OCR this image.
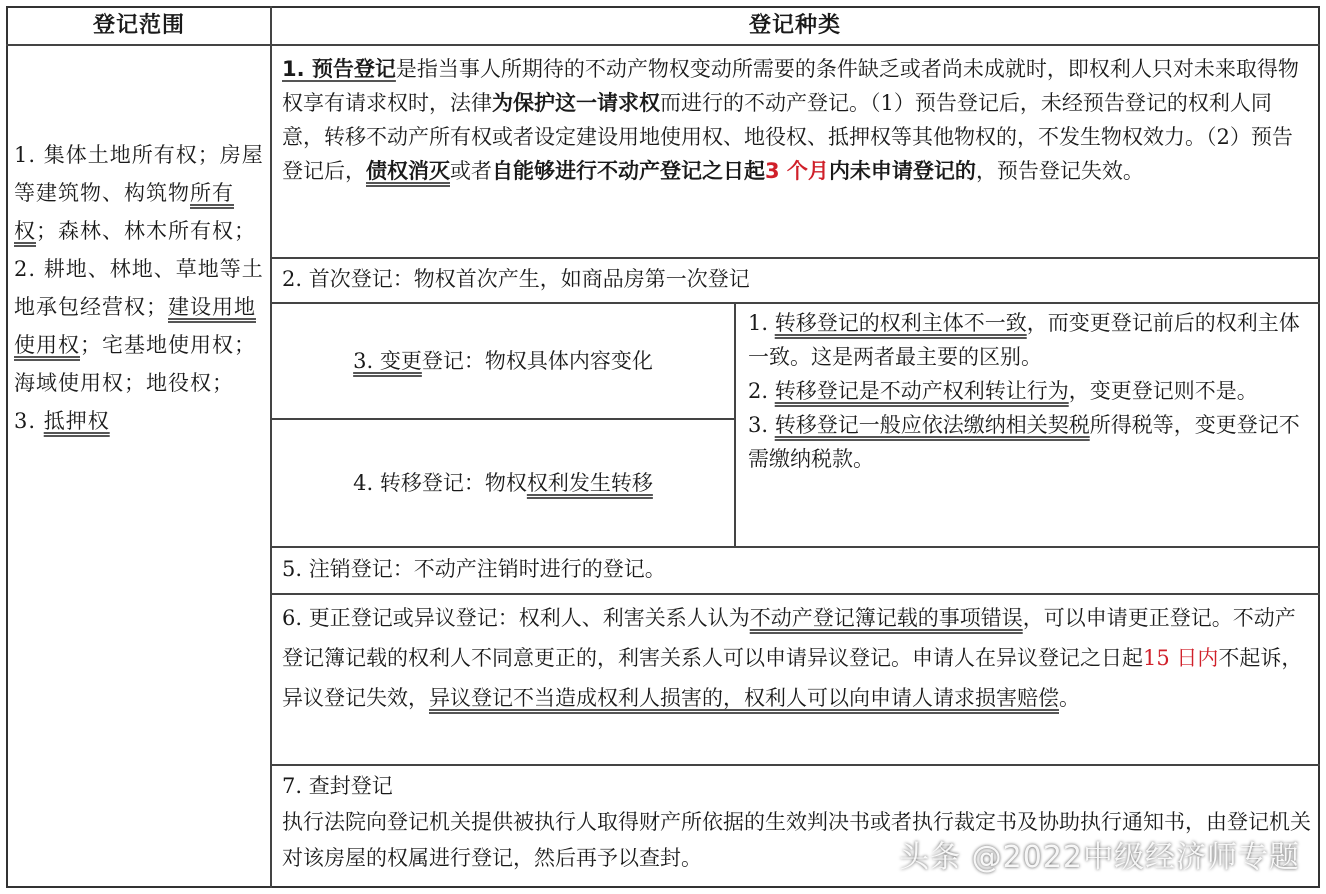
登记范围	登记种类
1. 集体土地所有权；房屋等建筑物、构筑物所有权；森林、林木所有权；
2. 耕地、林地、草地等土地承包经营权；建设用地使用权；宅基地使用权；海域使用权；地役权；
3. 抵押权
1. 预告登记是指当事人所期待的不动产物权变动所需要的条件缺乏或者尚未成就时，即权利人只对未来取得物权享有请求权时，法律为保护这一请求权而进行的不动产登记。（1）预告登记后，未经预告登记的权利人同意，转移不动产所有权或者设定建设用地使用权、地役权、抵押权等其他物权的，不发生物权效力。（2）预告登记后，债权消灭或者自能够进行不动产登记之日起3 个月内未申请登记的，预告登记失效。
2. 首次登记：物权首次产生，如商品房第一次登记
3. 变更登记：物权具体内容变化
4. 转移登记：物权权利发生转移
1. 转移登记的权利主体不一致，而变更登记前后的权利主体一致。这是两者最主要的区别。
2. 转移登记是不动产权利转让行为，变更登记则不是。
3. 转移登记一般应依法缴纳相关契税所得税等，变更登记不需缴纳税款。
5. 注销登记：不动产注销时进行的登记。
6. 更正登记或异议登记：权利人、利害关系人认为不动产登记簿记载的事项错误，可以申请更正登记。不动产登记簿记载的权利人不同意更正的，利害关系人可以申请异议登记。申请人在异议登记之日起15 日内不起诉，异议登记失效，异议登记不当造成权利人损害的，权利人可以向申请人请求损害赔偿。
7. 查封登记
执行法院向登记机关提供被执行人取得财产所依据的生效判决书或者执行裁定书及协助执行通知书，由登记机关对该房屋的权属进行登记，然后再予以查封。	头条 @2022中级经济师专题
